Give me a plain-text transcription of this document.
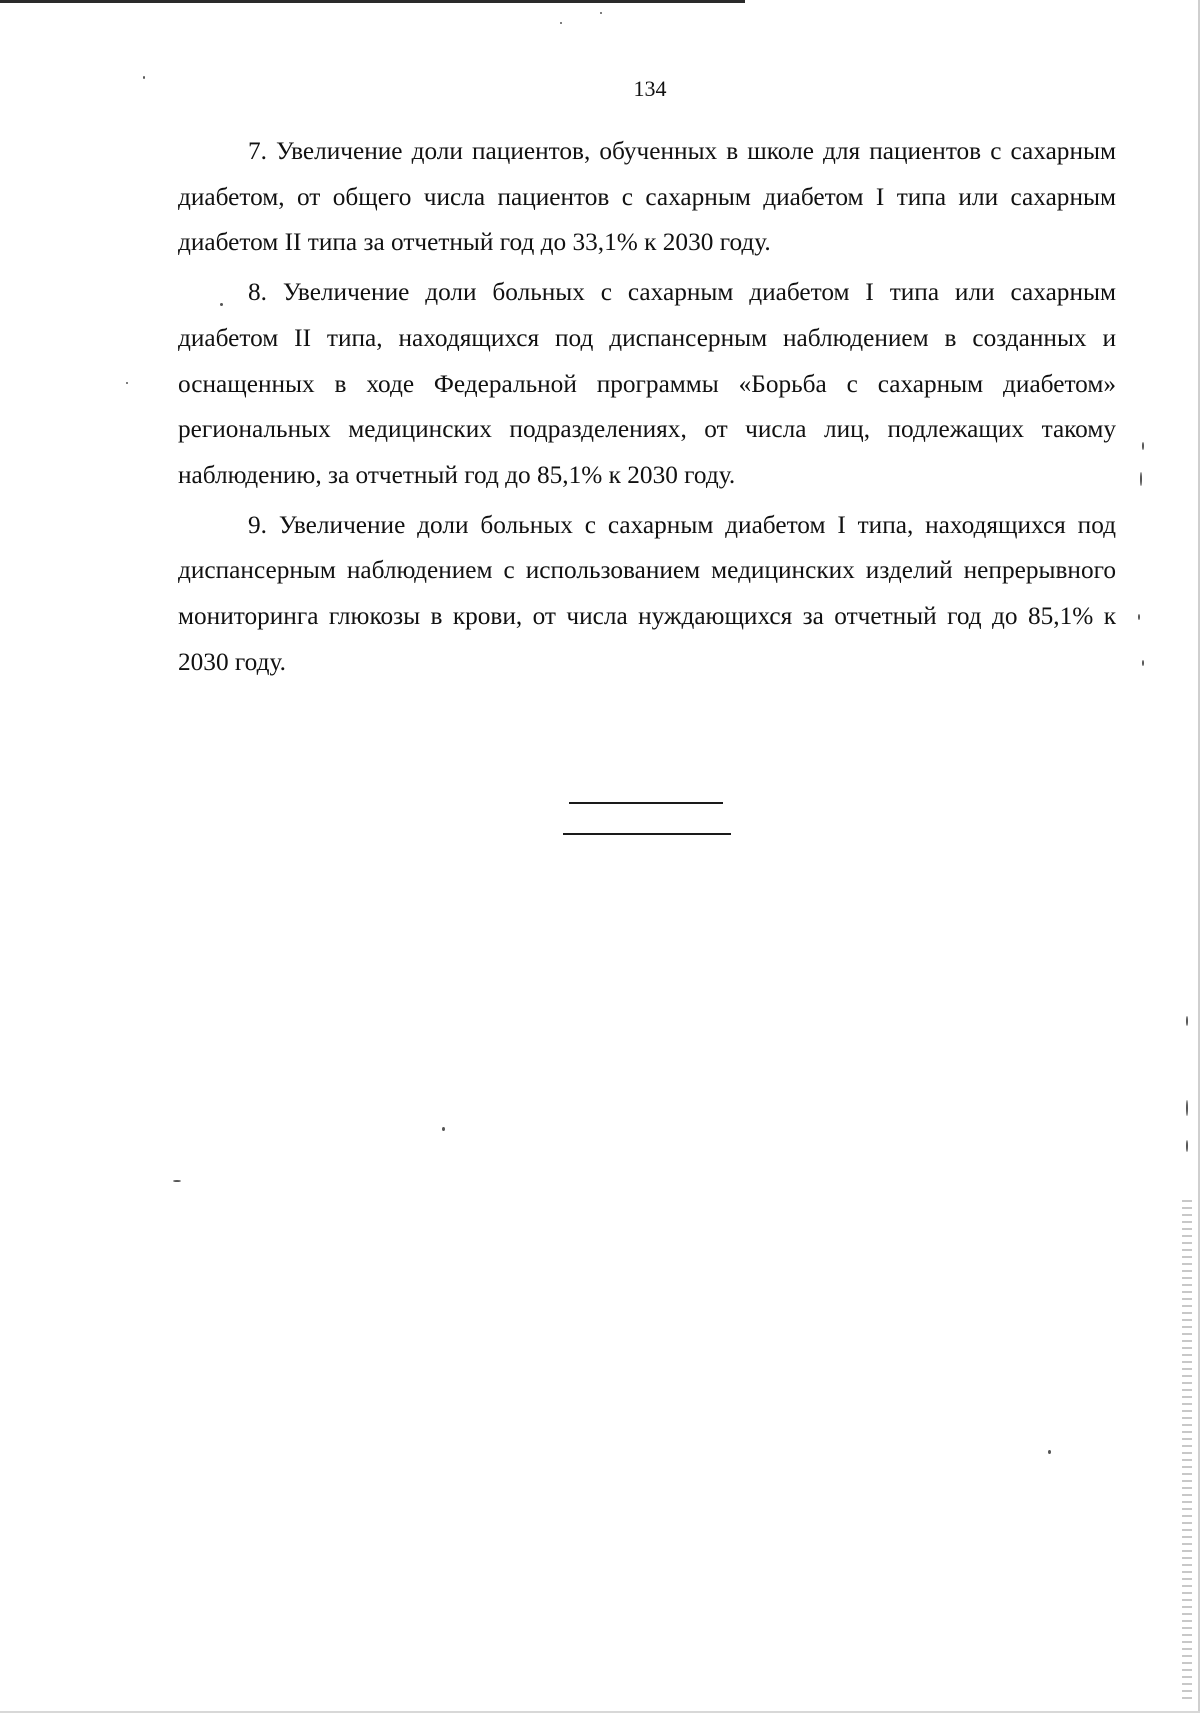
134

7. Увеличение доли пациентов, обученных в школе для пациентов с сахарным диабетом, от общего числа пациентов с сахарным диабетом I типа или сахарным диабетом II типа за отчетный год до 33,1% к 2030 году.

8. Увеличение доли больных с сахарным диабетом I типа или сахарным диабетом II типа, находящихся под диспансерным наблюдением в созданных и оснащенных в ходе Федеральной программы «Борьба с сахарным диабетом» региональных медицинских подразделениях, от числа лиц, подлежащих такому наблюдению, за отчетный год до 85,1% к 2030 году.

9. Увеличение доли больных с сахарным диабетом I типа, находящихся под диспансерным наблюдением с использованием медицинских изделий непрерывного мониторинга глюкозы в крови, от числа нуждающихся за отчетный год до 85,1% к 2030 году.
